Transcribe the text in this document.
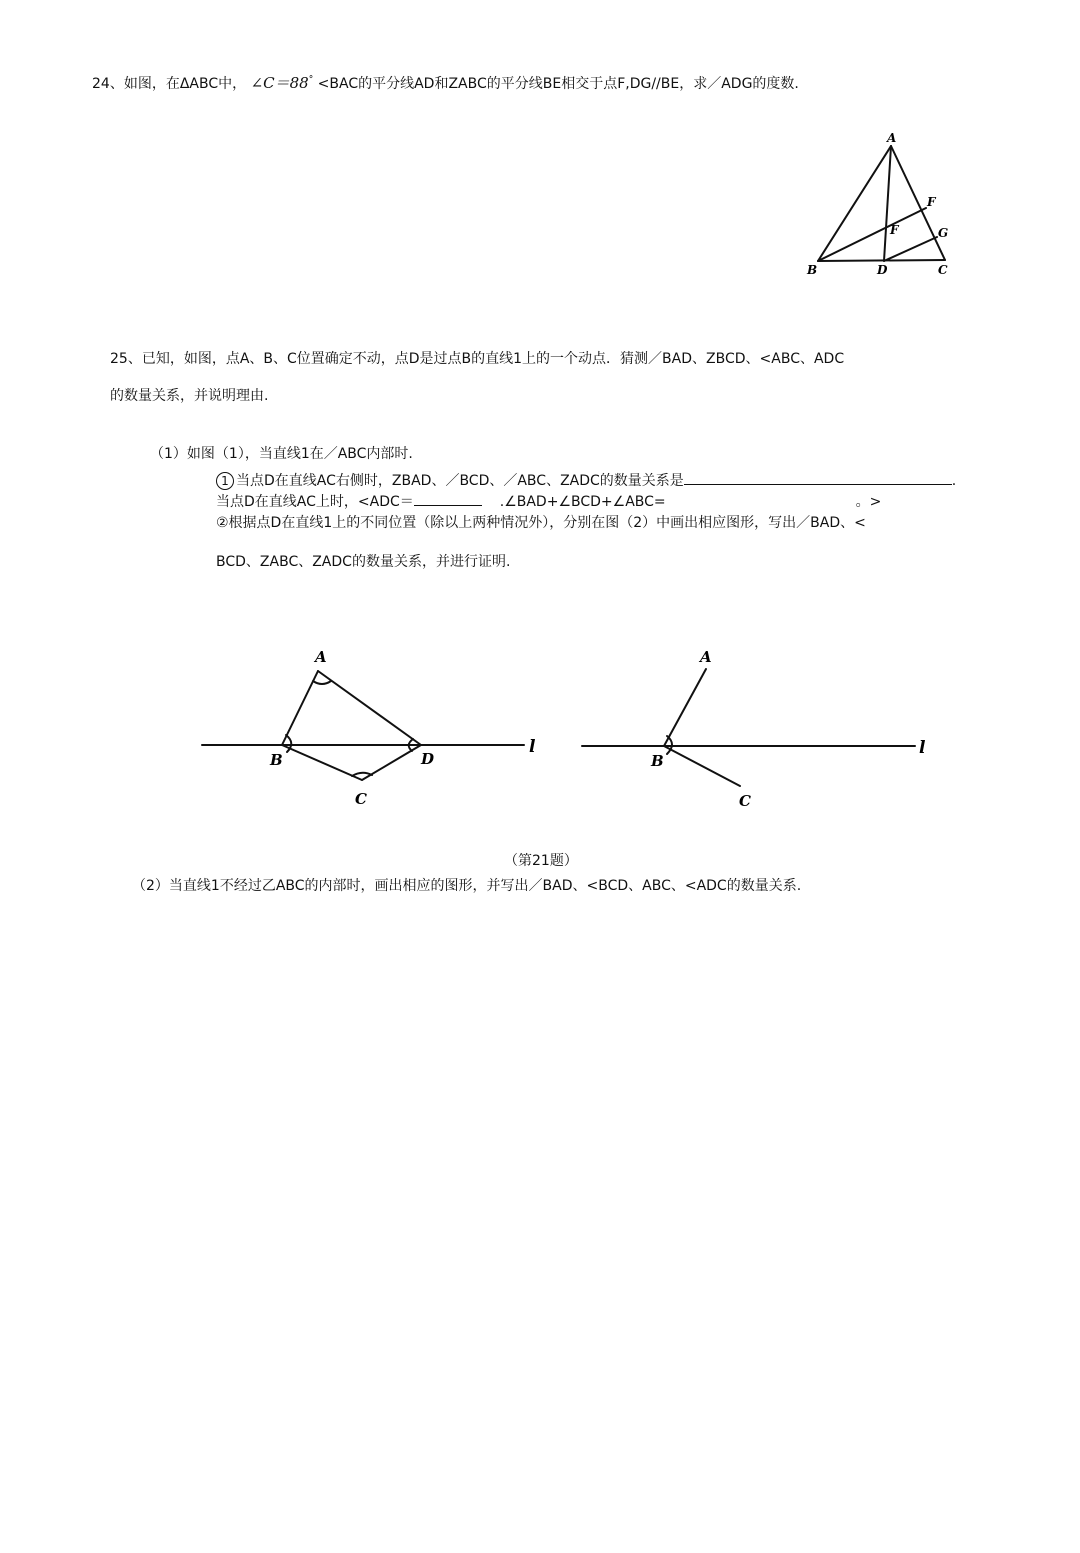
24、如图，在ΔABC中， ∠C＝88° <BAC的平分线AD和ZABC的平分线BE相交于点F,DG//BE，求／ADG的度数.
A
B	D	C
F
F	G
25、已知，如图，点A、B、C位置确定不动，点D是过点B的直线1上的一个动点．猜测／BAD、ZBCD、<ABC、ADC
的数量关系，并说明理由.
（1）如图（1），当直线1在／ABC内部时.
1 当点D在直线AC右侧时，ZBAD、／BCD、／ABC、ZADC的数量关系是	.
当点D在直线AC上时，<ADC＝	.∠BAD+∠BCD+∠ABC=	。>
②根据点D在直线1上的不同位置（除以上两种情况外），分别在图（2）中画出相应图形，写出／BAD、<
BCD、ZABC、ZADC的数量关系，并进行证明.
A
B	D
C
l
A
B
C
l
（第21题）
（2）当直线1不经过乙ABC的内部时，画出相应的图形，并写出／BAD、<BCD、ABC、<ADC的数量关系.
